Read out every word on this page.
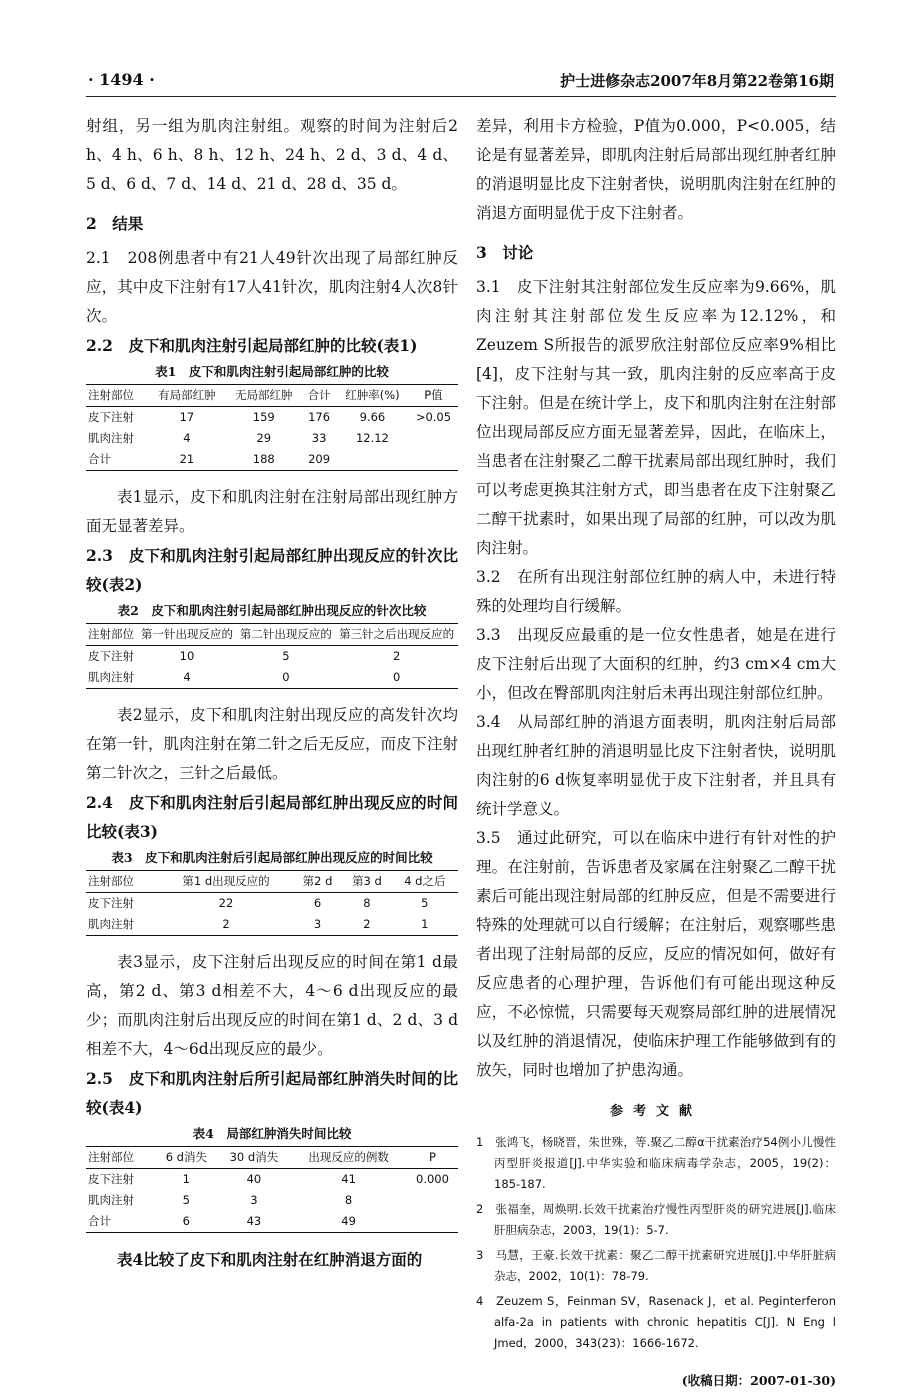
· 1494 ·	护士进修杂志2007年8月第22卷第16期

射组，另一组为肌肉注射组。观察的时间为注射后2 h、4 h、6 h、8 h、12 h、24 h、2 d、3 d、4 d、5 d、6 d、7 d、14 d、21 d、28 d、35 d。

2　结果

2.1　208例患者中有21人49针次出现了局部红肿反应，其中皮下注射有17人41针次，肌肉注射4人次8针次。

2.2　皮下和肌肉注射引起局部红肿的比较(表1)

表1　皮下和肌肉注射引起局部红肿的比较
注射部位	有局部红肿	无局部红肿	合计	红肿率(%)	P值
皮下注射	17	159	176	9.66	>0.05
肌肉注射	4	29	33	12.12	
合计	21	188	209		

表1显示，皮下和肌肉注射在注射局部出现红肿方面无显著差异。

2.3　皮下和肌肉注射引起局部红肿出现反应的针次比较(表2)

表2　皮下和肌肉注射引起局部红肿出现反应的针次比较
注射部位	第一针出现反应的	第二针出现反应的	第三针之后出现反应的
皮下注射	10	5	2
肌肉注射	4	0	0

表2显示，皮下和肌肉注射出现反应的高发针次均在第一针，肌肉注射在第二针之后无反应，而皮下注射第二针次之，三针之后最低。

2.4　皮下和肌肉注射后引起局部红肿出现反应的时间比较(表3)

表3　皮下和肌肉注射后引起局部红肿出现反应的时间比较
注射部位	第1 d出现反应的	第2 d	第3 d	4 d之后
皮下注射	22	6	8	5
肌肉注射	2	3	2	1

表3显示，皮下注射后出现反应的时间在第1 d最高，第2 d、第3 d相差不大，4～6 d出现反应的最少；而肌肉注射后出现反应的时间在第1 d、2 d、3 d相差不大，4～6d出现反应的最少。

2.5　皮下和肌肉注射后所引起局部红肿消失时间的比较(表4)

表4　局部红肿消失时间比较
注射部位	6 d消失	30 d消失	出现反应的例数	P
皮下注射	1	40	41	0.000
肌肉注射	5	3	8	
合计	6	43	49	

表4比较了皮下和肌肉注射在红肿消退方面的

差异，利用卡方检验，P值为0.000，P<0.005，结论是有显著差异，即肌肉注射后局部出现红肿者红肿的消退明显比皮下注射者快，说明肌肉注射在红肿的消退方面明显优于皮下注射者。

3　讨论

3.1　皮下注射其注射部位发生反应率为9.66%，肌肉注射其注射部位发生反应率为12.12%，和Zeuzem S所报告的派罗欣注射部位反应率9%相比[4]，皮下注射与其一致，肌肉注射的反应率高于皮下注射。但是在统计学上，皮下和肌肉注射在注射部位出现局部反应方面无显著差异，因此，在临床上，当患者在注射聚乙二醇干扰素局部出现红肿时，我们可以考虑更换其注射方式，即当患者在皮下注射聚乙二醇干扰素时，如果出现了局部的红肿，可以改为肌肉注射。

3.2　在所有出现注射部位红肿的病人中，未进行特殊的处理均自行缓解。

3.3　出现反应最重的是一位女性患者，她是在进行皮下注射后出现了大面积的红肿，约3 cm×4 cm大小，但改在臀部肌肉注射后未再出现注射部位红肿。

3.4　从局部红肿的消退方面表明，肌肉注射后局部出现红肿者红肿的消退明显比皮下注射者快，说明肌肉注射的6 d恢复率明显优于皮下注射者，并且具有统计学意义。

3.5　通过此研究，可以在临床中进行有针对性的护理。在注射前，告诉患者及家属在注射聚乙二醇干扰素后可能出现注射局部的红肿反应，但是不需要进行特殊的处理就可以自行缓解；在注射后，观察哪些患者出现了注射局部的反应，反应的情况如何，做好有反应患者的心理护理，告诉他们有可能出现这种反应，不必惊慌，只需要每天观察局部红肿的进展情况以及红肿的消退情况，使临床护理工作能够做到有的放矢，同时也增加了护患沟通。

参考文献

1　张鸿飞，杨晓晋，朱世殊，等.聚乙二醇α干扰素治疗54例小儿慢性丙型肝炎报道[J].中华实验和临床病毒学杂志，2005，19(2)：185-187.

2　张福奎，周焕明.长效干扰素治疗慢性丙型肝炎的研究进展[J].临床肝胆病杂志，2003，19(1)：5-7.

3　马慧，王豪.长效干扰素：聚乙二醇干扰素研究进展[J].中华肝脏病杂志，2002，10(1)：78-79.

4　Zeuzem S，Feinman SV，Rasenack J，et al. Peginterferon alfa-2a in patients with chronic hepatitis C[J]. N Eng l Jmed，2000，343(23)：1666-1672.

(收稿日期：2007-01-30)
